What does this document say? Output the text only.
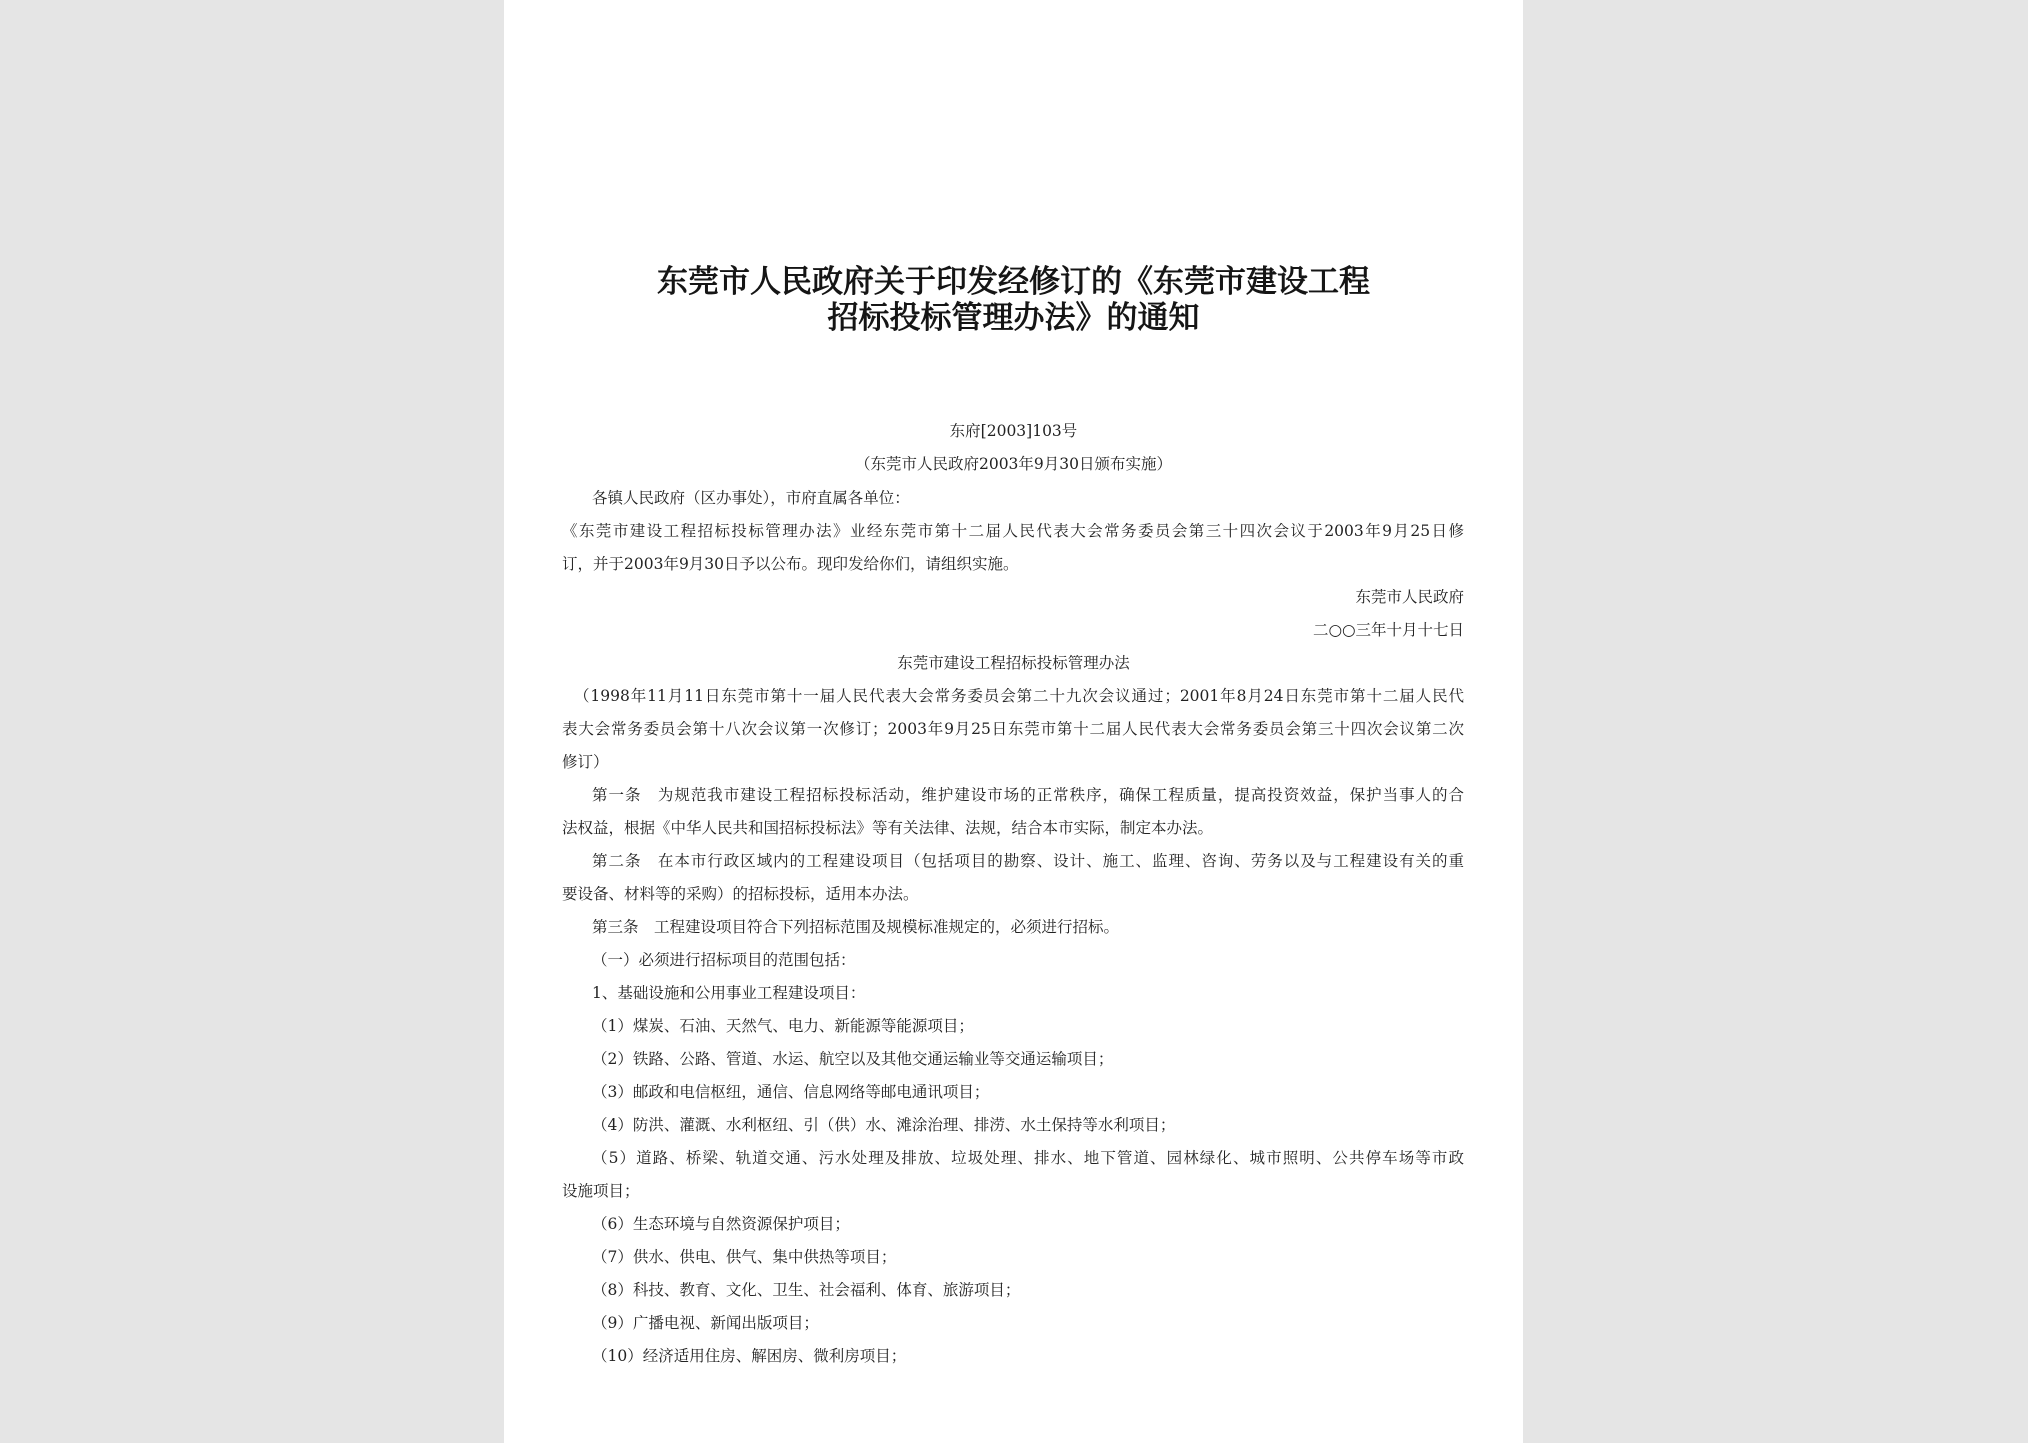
东莞市人民政府关于印发经修订的《东莞市建设工程
招标投标管理办法》的通知
东府[2003]103号
（东莞市人民政府2003年9月30日颁布实施）
各镇人民政府（区办事处），市府直属各单位：
《东莞市建设工程招标投标管理办法》业经东莞市第十二届人民代表大会常务委员会第三十四次会议于2003年9月25日修
订，并于2003年9月30日予以公布。现印发给你们，请组织实施。
东莞市人民政府
二○○三年十月十七日
东莞市建设工程招标投标管理办法
（1998年11月11日东莞市第十一届人民代表大会常务委员会第二十九次会议通过；2001年8月24日东莞市第十二届人民代
表大会常务委员会第十八次会议第一次修订；2003年9月25日东莞市第十二届人民代表大会常务委员会第三十四次会议第二次
修订）
第一条　为规范我市建设工程招标投标活动，维护建设市场的正常秩序，确保工程质量，提高投资效益，保护当事人的合
法权益，根据《中华人民共和国招标投标法》等有关法律、法规，结合本市实际，制定本办法。
第二条　在本市行政区域内的工程建设项目（包括项目的勘察、设计、施工、监理、咨询、劳务以及与工程建设有关的重
要设备、材料等的采购）的招标投标，适用本办法。
第三条　工程建设项目符合下列招标范围及规模标准规定的，必须进行招标。
（一）必须进行招标项目的范围包括：
1、基础设施和公用事业工程建设项目：
（1）煤炭、石油、天然气、电力、新能源等能源项目；
（2）铁路、公路、管道、水运、航空以及其他交通运输业等交通运输项目；
（3）邮政和电信枢纽，通信、信息网络等邮电通讯项目；
（4）防洪、灌溉、水利枢纽、引（供）水、滩涂治理、排涝、水土保持等水利项目；
（5）道路、桥梁、轨道交通、污水处理及排放、垃圾处理、排水、地下管道、园林绿化、城市照明、公共停车场等市政
设施项目；
（6）生态环境与自然资源保护项目；
（7）供水、供电、供气、集中供热等项目；
（8）科技、教育、文化、卫生、社会福利、体育、旅游项目；
（9）广播电视、新闻出版项目；
（10）经济适用住房、解困房、微利房项目；
